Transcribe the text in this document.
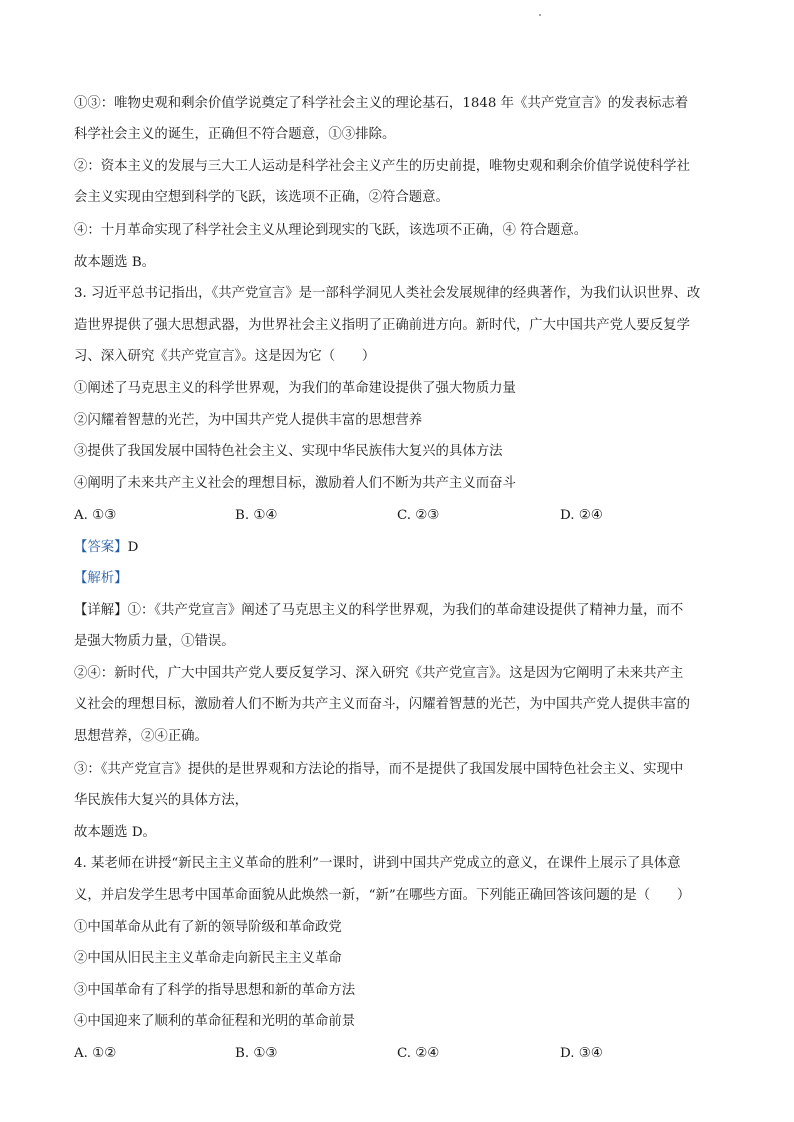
①③：唯物史观和剩余价值学说奠定了科学社会主义的理论基石，1848 年《共产党宣言》的发表标志着
科学社会主义的诞生，正确但不符合题意，①③排除。
②：资本主义的发展与三大工人运动是科学社会主义产生的历史前提，唯物史观和剩余价值学说使科学社
会主义实现由空想到科学的飞跃，该选项不正确，②符合题意。
④：十月革命实现了科学社会主义从理论到现实的飞跃，该选项不正确，④ 符合题意。
故本题选 B。
3. 习近平总书记指出，《共产党宣言》是一部科学洞见人类社会发展规律的经典著作，为我们认识世界、改
造世界提供了强大思想武器，为世界社会主义指明了正确前进方向。新时代，广大中国共产党人要反复学
习、深入研究《共产党宣言》。这是因为它（　　）
①阐述了马克思主义的科学世界观，为我们的革命建设提供了强大物质力量
②闪耀着智慧的光芒，为中国共产党人提供丰富的思想营养
③提供了我国发展中国特色社会主义、实现中华民族伟大复兴的具体方法
④阐明了未来共产主义社会的理想目标，激励着人们不断为共产主义而奋斗
A. ①③	B. ①④	C. ②③	D. ②④
【答案】D
【解析】
【详解】①：《共产党宣言》阐述了马克思主义的科学世界观，为我们的革命建设提供了精神力量，而不
是强大物质力量，①错误。
②④：新时代，广大中国共产党人要反复学习、深入研究《共产党宣言》。这是因为它阐明了未来共产主
义社会的理想目标，激励着人们不断为共产主义而奋斗，闪耀着智慧的光芒，为中国共产党人提供丰富的
思想营养，②④正确。
③：《共产党宣言》提供的是世界观和方法论的指导，而不是提供了我国发展中国特色社会主义、实现中
华民族伟大复兴的具体方法，
故本题选 D。
4. 某老师在讲授“新民主主义革命的胜利”一课时，讲到中国共产党成立的意义，在课件上展示了具体意
义，并启发学生思考中国革命面貌从此焕然一新，“新”在哪些方面。下列能正确回答该问题的是（　　）
①中国革命从此有了新的领导阶级和革命政党
②中国从旧民主主义革命走向新民主主义革命
③中国革命有了科学的指导思想和新的革命方法
④中国迎来了顺利的革命征程和光明的革命前景
A. ①②	B. ①③	C. ②④	D. ③④
